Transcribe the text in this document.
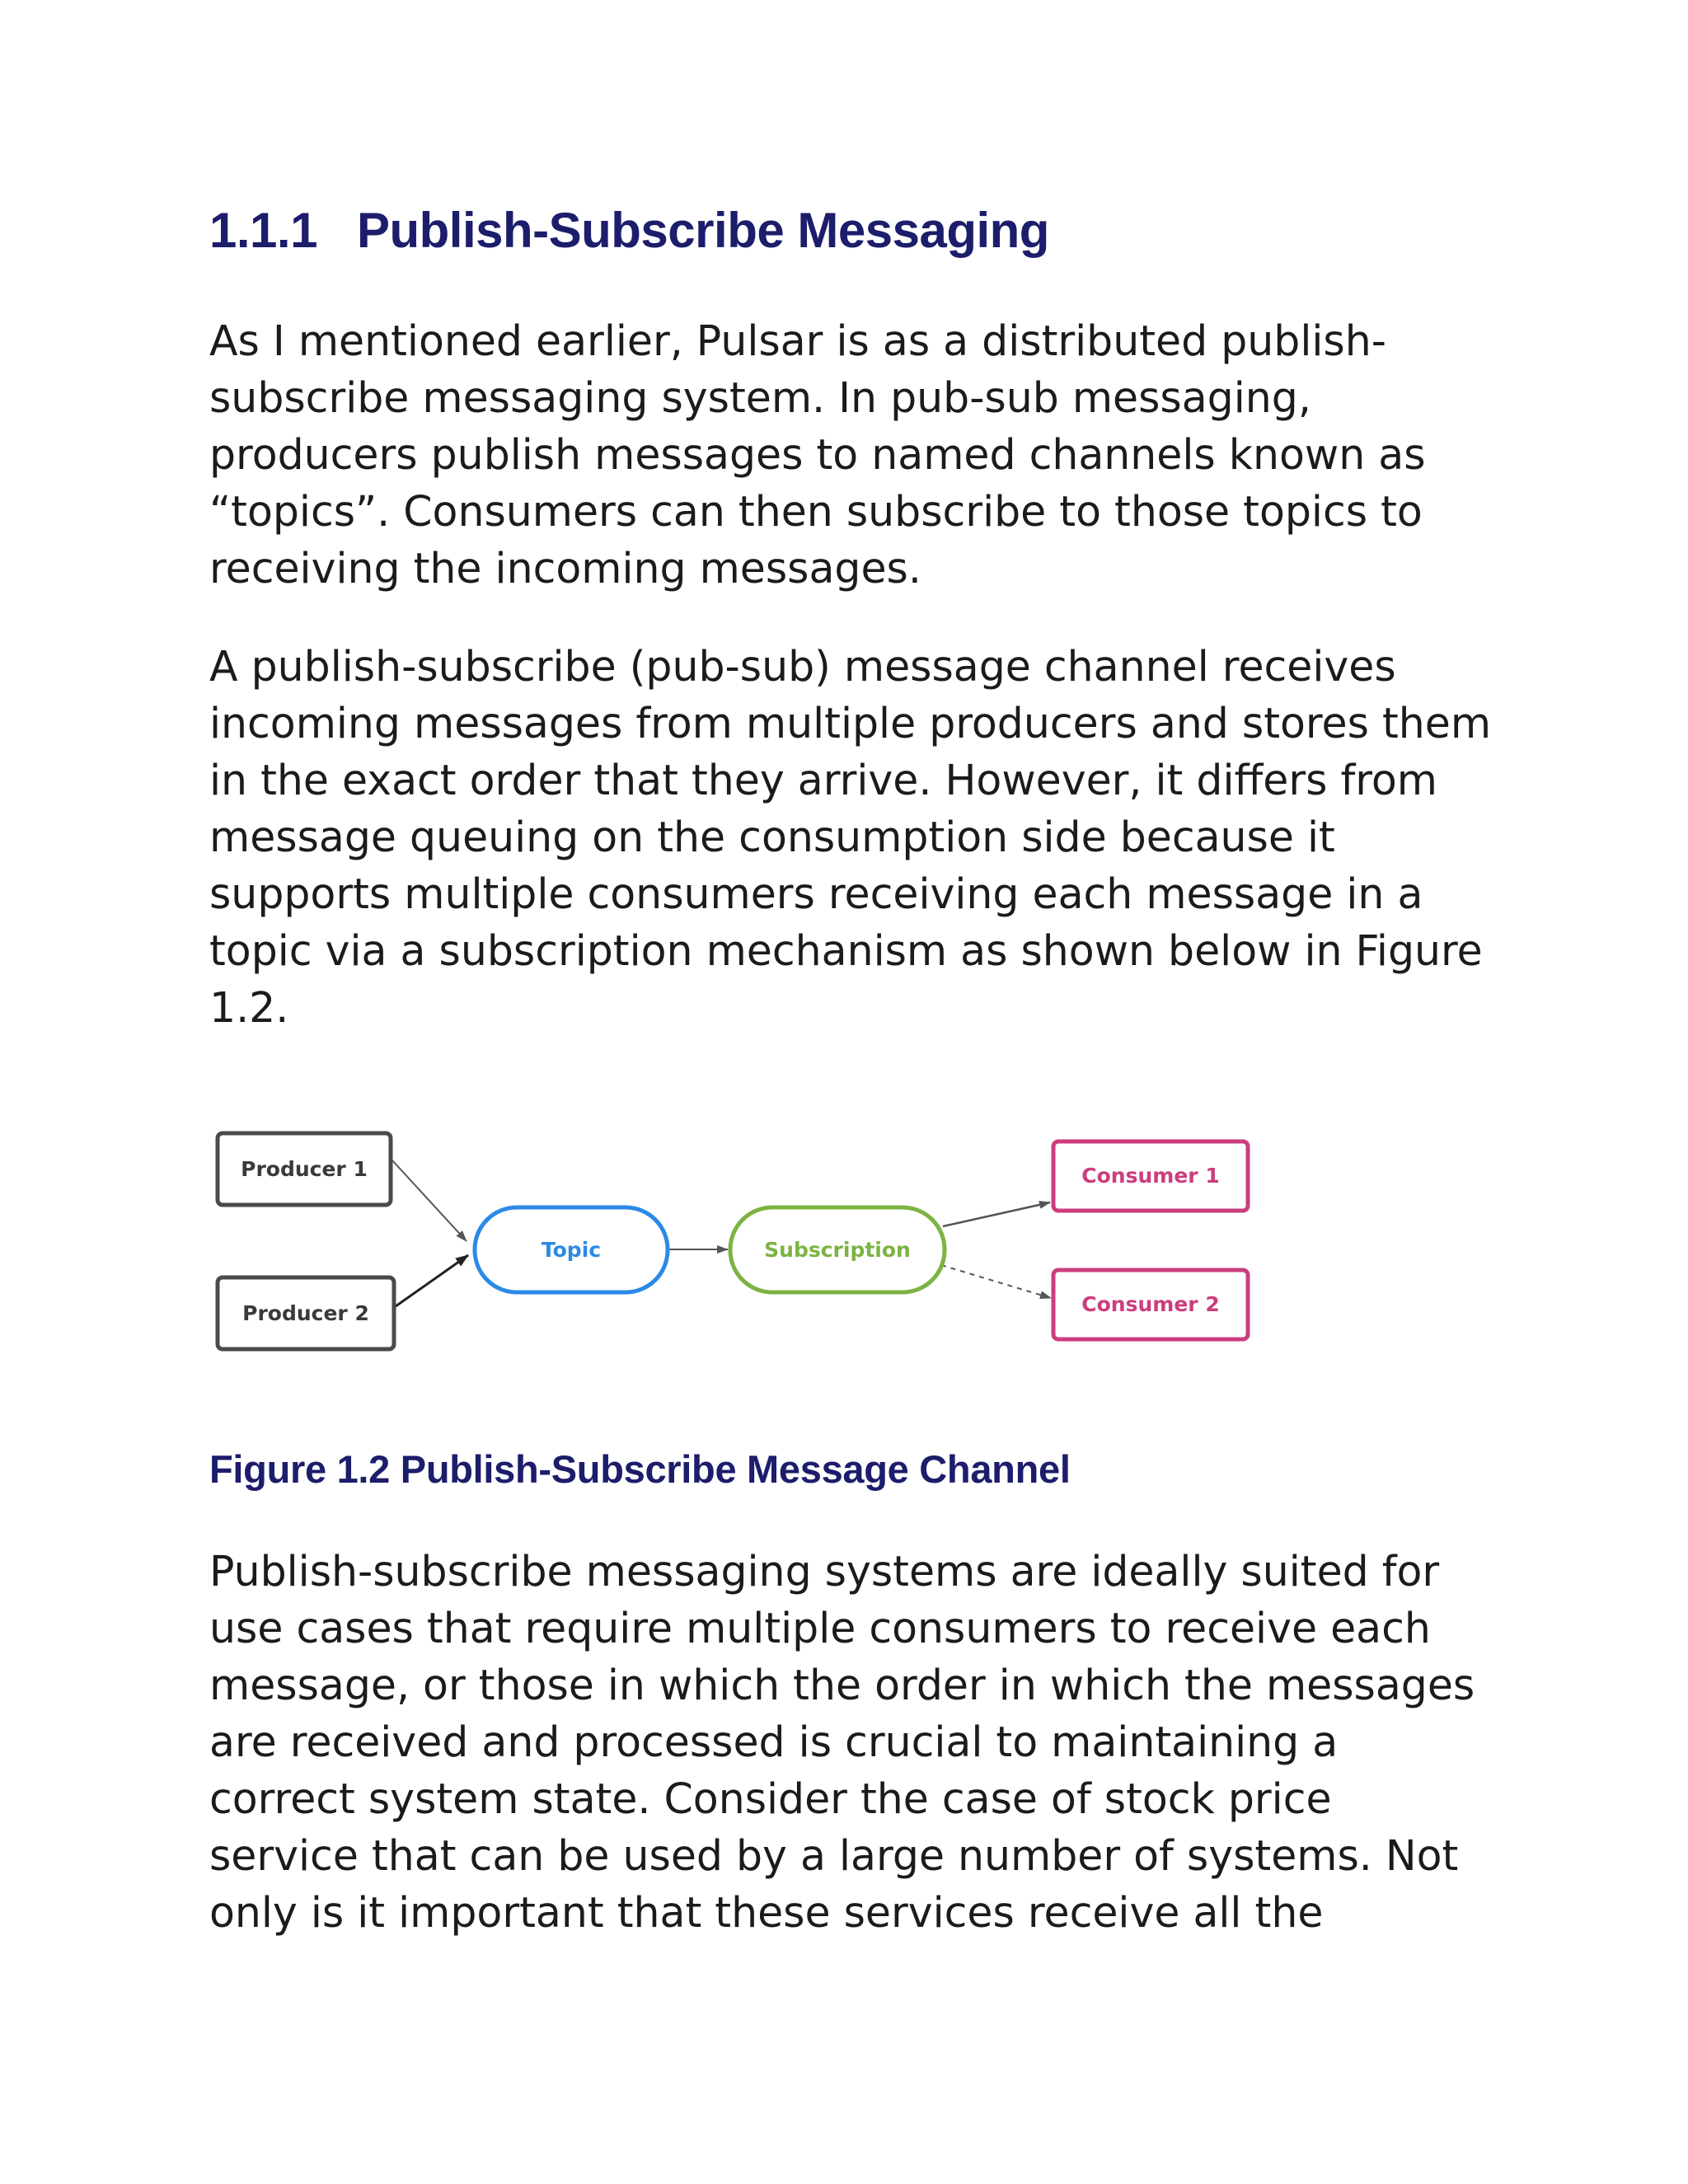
1.1.1 Publish-Subscribe Messaging
As I mentioned earlier, Pulsar is as a distributed publish-
subscribe messaging system. In pub-sub messaging,
producers publish messages to named channels known as
“topics”. Consumers can then subscribe to those topics to
receiving the incoming messages.
A publish-subscribe (pub-sub) message channel receives
incoming messages from multiple producers and stores them
in the exact order that they arrive. However, it differs from
message queuing on the consumption side because it
supports multiple consumers receiving each message in a
topic via a subscription mechanism as shown below in Figure
1.2.
Producer 1
Producer 2
Topic	Subscription
Consumer 1
Consumer 2

Figure 1.2 Publish-Subscribe Message Channel

Publish-subscribe messaging systems are ideally suited for
use cases that require multiple consumers to receive each
message, or those in which the order in which the messages
are received and processed is crucial to maintaining a
correct system state. Consider the case of stock price
service that can be used by a large number of systems. Not
only is it important that these services receive all the
